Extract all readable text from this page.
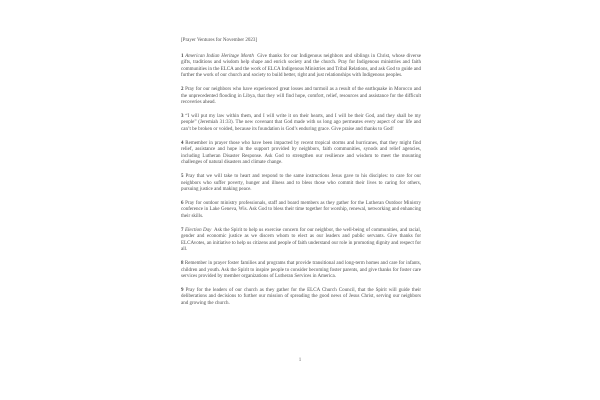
[Prayer Ventures for November 2023]

1 American Indian Heritage Month Give thanks for our Indigenous neighbors and siblings in Christ, whose diverse gifts, traditions and wisdom help shape and enrich society and the church. Pray for Indigenous ministries and faith communities in the ELCA and the work of ELCA Indigenous Ministries and Tribal Relations, and ask God to guide and further the work of our church and society to build better, right and just relationships with Indigenous peoples.

2 Pray for our neighbors who have experienced great losses and turmoil as a result of the earthquake in Morocco and the unprecedented flooding in Libya, that they will find hope, comfort, relief, resources and assistance for the difficult recoveries ahead.

3 “I will put my law within them, and I will write it on their hearts, and I will be their God, and they shall be my people” (Jeremiah 31:33). The new covenant that God made with us long ago permeates every aspect of our life and can’t be broken or voided, because its foundation is God’s enduring grace. Give praise and thanks to God!

4 Remember in prayer those who have been impacted by recent tropical storms and hurricanes, that they might find relief, assistance and hope in the support provided by neighbors, faith communities, synods and relief agencies, including Lutheran Disaster Response. Ask God to strengthen our resilience and wisdom to meet the mounting challenges of natural disasters and climate change.

5 Pray that we will take to heart and respond to the same instructions Jesus gave to his disciples: to care for our neighbors who suffer poverty, hunger and illness and to bless those who commit their lives to caring for others, pursuing justice and making peace.

6 Pray for outdoor ministry professionals, staff and board members as they gather for the Lutheran Outdoor Ministry conference in Lake Geneva, Wis. Ask God to bless their time together for worship, renewal, networking and enhancing their skills.

7 Election Day Ask the Spirit to help us exercise concern for our neighbor, the well-being of communities, and racial, gender and economic justice as we discern whom to elect as our leaders and public servants. Give thanks for ELCAvotes, an initiative to help us citizens and people of faith understand our role in promoting dignity and respect for all.

8 Remember in prayer foster families and programs that provide transitional and long-term homes and care for infants, children and youth. Ask the Spirit to inspire people to consider becoming foster parents, and give thanks for foster care services provided by member organizations of Lutheran Services in America.

9 Pray for the leaders of our church as they gather for the ELCA Church Council, that the Spirit will guide their deliberations and decisions to further our mission of spreading the good news of Jesus Christ, serving our neighbors and growing the church.

1
